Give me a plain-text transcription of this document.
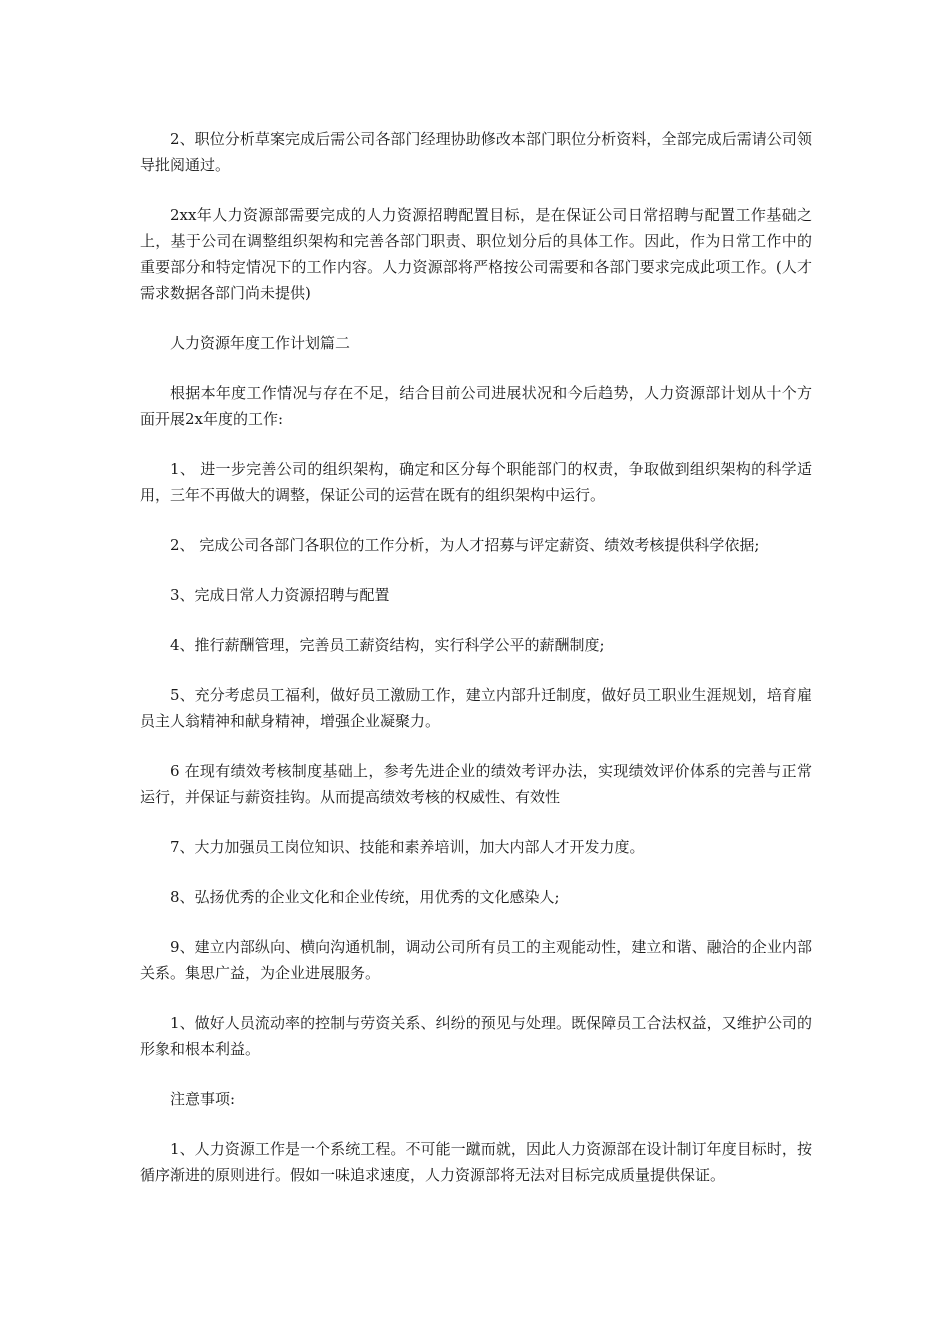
2、职位分析草案完成后需公司各部门经理协助修改本部门职位分析资料，全部完成后需请公司领导批阅通过。

2xx年人力资源部需要完成的人力资源招聘配置目标，是在保证公司日常招聘与配置工作基础之上，基于公司在调整组织架构和完善各部门职责、职位划分后的具体工作。因此，作为日常工作中的重要部分和特定情况下的工作内容。人力资源部将严格按公司需要和各部门要求完成此项工作。(人才需求数据各部门尚未提供)

人力资源年度工作计划篇二

根据本年度工作情况与存在不足，结合目前公司进展状况和今后趋势，人力资源部计划从十个方面开展2x年度的工作:

1、 进一步完善公司的组织架构，确定和区分每个职能部门的权责，争取做到组织架构的科学适用，三年不再做大的调整，保证公司的运营在既有的组织架构中运行。

2、 完成公司各部门各职位的工作分析，为人才招募与评定薪资、绩效考核提供科学依据;

3、完成日常人力资源招聘与配置

4、推行薪酬管理，完善员工薪资结构，实行科学公平的薪酬制度;

5、充分考虑员工福利，做好员工激励工作，建立内部升迁制度，做好员工职业生涯规划，培育雇员主人翁精神和献身精神，增强企业凝聚力。

6 在现有绩效考核制度基础上，参考先进企业的绩效考评办法，实现绩效评价体系的完善与正常运行，并保证与薪资挂钩。从而提高绩效考核的权威性、有效性

7、大力加强员工岗位知识、技能和素养培训，加大内部人才开发力度。

8、弘扬优秀的企业文化和企业传统，用优秀的文化感染人;

9、建立内部纵向、横向沟通机制，调动公司所有员工的主观能动性，建立和谐、融洽的企业内部关系。集思广益，为企业进展服务。

1、做好人员流动率的控制与劳资关系、纠纷的预见与处理。既保障员工合法权益，又维护公司的形象和根本利益。

注意事项:

1、人力资源工作是一个系统工程。不可能一蹴而就，因此人力资源部在设计制订年度目标时，按循序渐进的原则进行。假如一味追求速度，人力资源部将无法对目标完成质量提供保证。
